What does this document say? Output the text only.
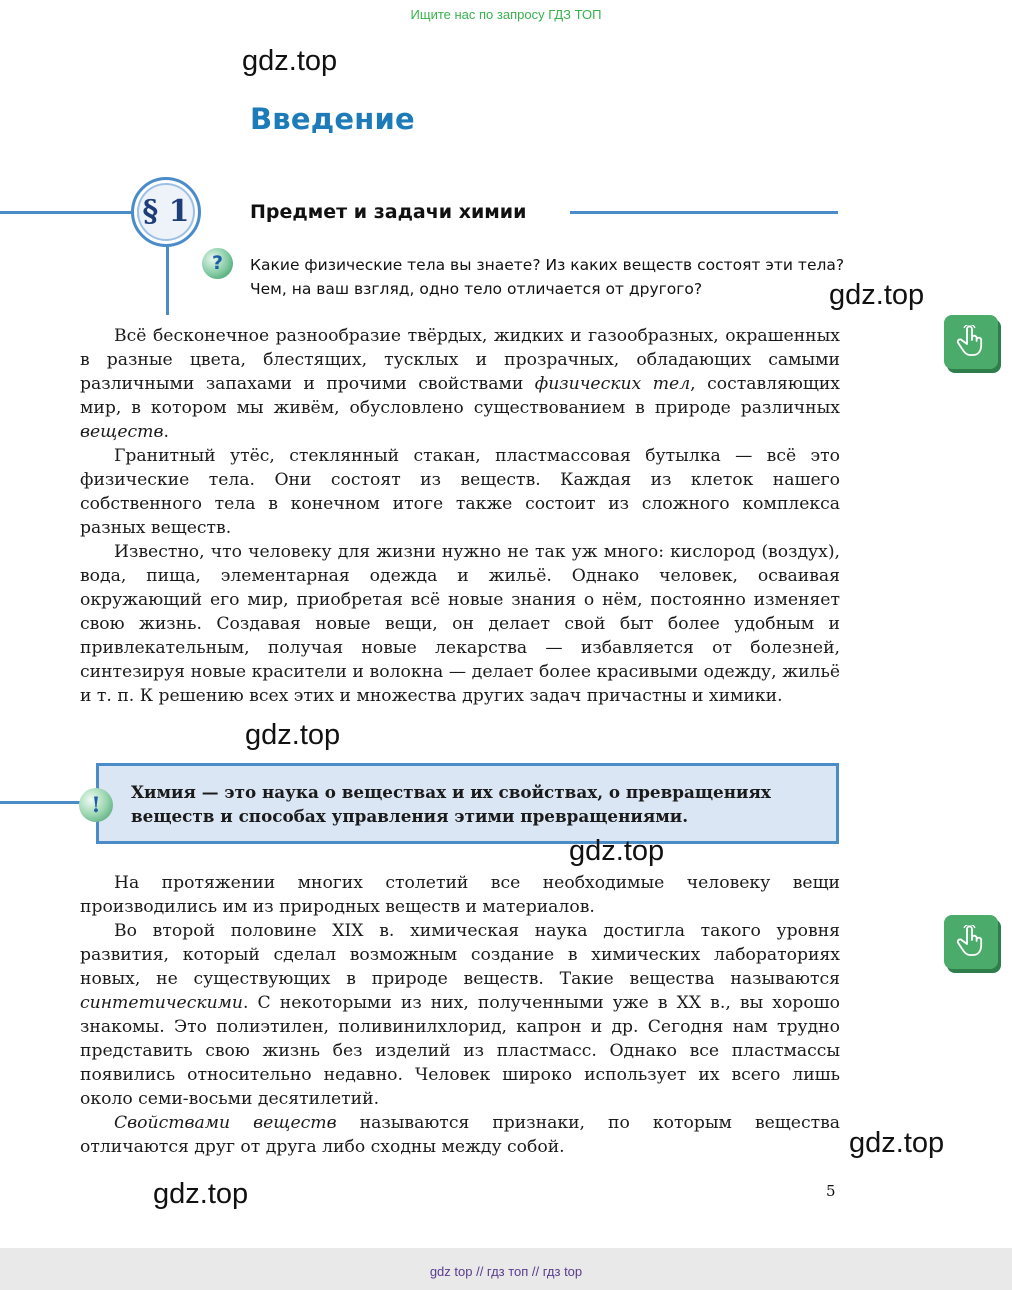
Ищите нас по запросу ГДЗ ТОП
gdz.top
Введение
§ 1	Предмет и задачи химии
?	Какие физические тела вы знаете? Из каких веществ состоят эти тела?
Чем, на ваш взгляд, одно тело отличается от другого?	gdz.top

Всё бесконечное разнообразие твёрдых, жидких и газообразных, окрашенных в разные цвета, блестящих, тусклых и прозрачных, обладающих самыми различными запахами и прочими свойствами физических тел, составляющих мир, в котором мы живём, обусловлено существованием в природе различных веществ.

Гранитный утёс, стеклянный стакан, пластмассовая бутылка — всё это физические тела. Они состоят из веществ. Каждая из клеток нашего собственного тела в конечном итоге также состоит из сложного комплекса разных веществ.

Известно, что человеку для жизни нужно не так уж много: кислород (воздух), вода, пища, элементарная одежда и жильё. Однако человек, осваивая окружающий его мир, приобретая всё новые знания о нём, постоянно изменяет свою жизнь. Создавая новые вещи, он делает свой быт более удобным и привлекательным, получая новые лекарства — избавляется от болезней, синтезируя новые красители и волокна — делает более красивыми одежду, жильё и т. п. К решению всех этих и множества других задач причастны и химики.

gdz.top
Химия — это наука о веществах и их свойствах, о превращениях веществ и способах управления этими превращениями.
!
gdz.top

На протяжении многих столетий все необходимые человеку вещи производились им из природных веществ и материалов.

Во второй половине XIX в. химическая наука достигла такого уровня развития, который сделал возможным создание в химических лабораториях новых, не существующих в природе веществ. Такие вещества называются синтетическими. С некоторыми из них, полученными уже в XX в., вы хорошо знакомы. Это полиэтилен, поливинилхлорид, капрон и др. Сегодня нам трудно представить свою жизнь без изделий из пластмасс. Однако все пластмассы появились относительно недавно. Человек широко использует их всего лишь около семи-восьми десятилетий.

Свойствами веществ называются признаки, по которым вещества отличаются друг от друга либо сходны между собой.	gdz.top
gdz.top	5
gdz top // гдз топ // гдз top
